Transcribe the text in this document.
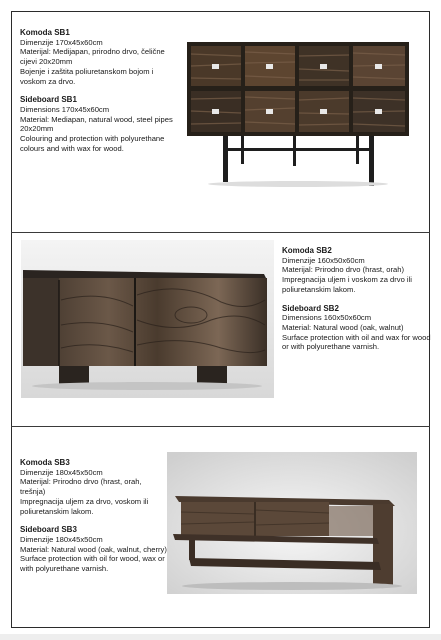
Komoda SB1

Dimenzije 170x45x60cm

Materijal: Medijapan, prirodno drvo, čelične

cijevi 20x20mm

Bojenje i zaštita poliuretanskom bojom i

voskom za drvo.

Sideboard SB1

Dimensions 170x45x60cm

Material: Mediapan, natural wood, steel pipes

20x20mm

Colouring and protection with polyurethane

colours and with wax for wood.

Komoda SB2

Dimenzije 160x50x60cm

Materijal: Prirodno drvo (hrast, orah)

Impregnacija uljem i voskom za drvo ili

poliuretanskim lakom.

Sideboard SB2

Dimensions 160x50x60cm

Material: Natural wood (oak, walnut)

Surface protection with oil and wax for wood

or with polyurethane varnish.

Komoda SB3

Dimenzije 180x45x50cm

Materijal: Prirodno drvo (hrast, orah,

trešnja)

Impregnacija uljem za drvo, voskom ili

poliuretanskim lakom.

Sideboard SB3

Dimenzije 180x45x50cm

Material: Natural wood (oak, walnut, cherry)

Surface protection with oil for wood, wax or

with polyurethane varnish.
